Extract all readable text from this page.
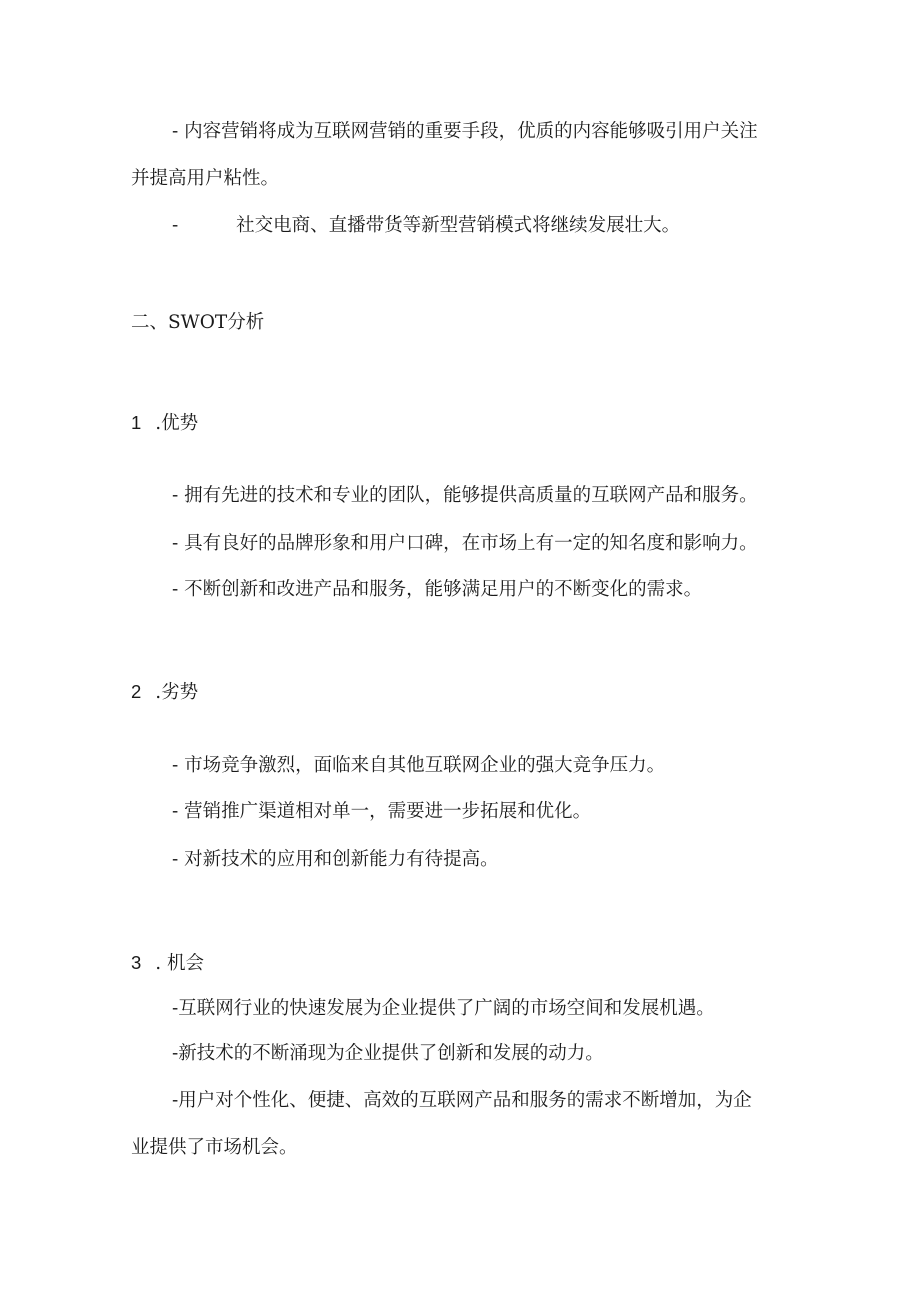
- 内容营销将成为互联网营销的重要手段，优质的内容能够吸引用户关注

并提高用户粘性。

-	社交电商、直播带货等新型营销模式将继续发展壮大。

二、SWOT分析

1 .优势

- 拥有先进的技术和专业的团队，能够提供高质量的互联网产品和服务。

- 具有良好的品牌形象和用户口碑，在市场上有一定的知名度和影响力。

- 不断创新和改进产品和服务，能够满足用户的不断变化的需求。

2 .劣势

- 市场竞争激烈，面临来自其他互联网企业的强大竞争压力。

- 营销推广渠道相对单一，需要进一步拓展和优化。

- 对新技术的应用和创新能力有待提高。

3 . 机会

-互联网行业的快速发展为企业提供了广阔的市场空间和发展机遇。

-新技术的不断涌现为企业提供了创新和发展的动力。

-用户对个性化、便捷、高效的互联网产品和服务的需求不断增加，为企

业提供了市场机会。
